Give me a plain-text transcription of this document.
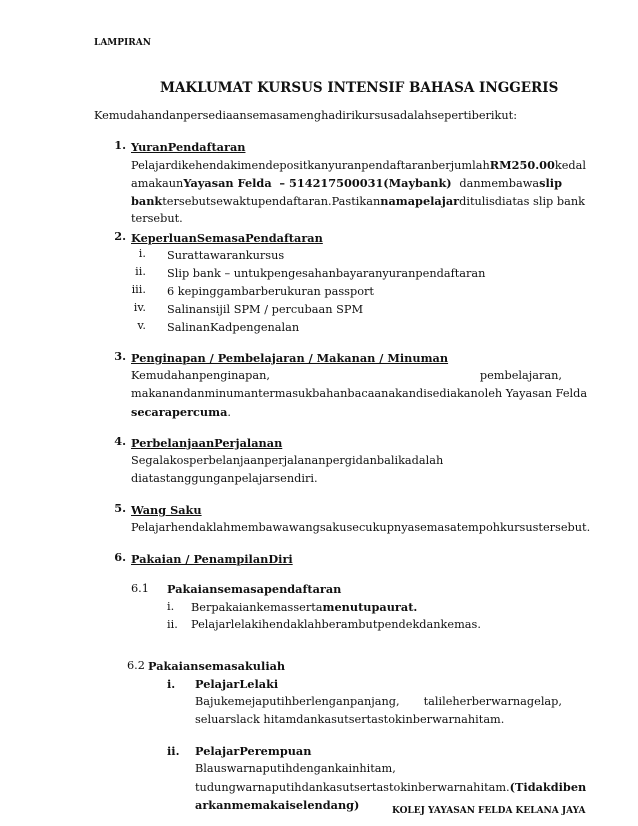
LAMPIRAN
MAKLUMAT KURSUS INTENSIF BAHASA INGGERIS
Kemudahandanpersediaansemasamenghadirikursusadalahsepertiberikut:
1. YuranPendaftaran
PelajardikehendakimendepositkanyuranpendaftaranberjumlahRM250.00kedal
amakaunYayasan Felda – 514217500031(Maybank) danmembawaslip
banktersebutsewaktupendaftaran. Pastikannamapelajarditulisdiatas slip bank
tersebut.
2. KeperluanSemasaPendaftaran
i. Surattawarankursus
ii. Slip bank – untukpengesahanbayaranyuranpendaftaran
iii. 6 kepinggambarberukuran passport
iv. Salinansijil SPM / percubaan SPM
v. SalinanKadpengenalan
3. Penginapan / Pembelajaran / Makanan / Minuman
Kemudahanpenginapan,	pembelajaran,
makanandanminumantermasukbahanbacaanakandisediakanoleh Yayasan Felda
secarapercuma.
4. PerbelanjaanPerjalanan
Segalakosperbelanjaanperjalananpergidanbalikadalah
diatastanggunganpelajarsendiri.
5. Wang Saku
Pelajarhendaklahmembawawangsakusecukupnyasemasatempohkursustersebut.
6. Pakaian / PenampilanDiri
6.1 Pakaiansemasapendaftaran
i. Berpakaiankemassertamenutupaurat.
ii. Pelajarlelakihendaklahberambutpendekdankemas.
6.2 Pakaiansemasakuliah
i. PelajarLelaki
Bajukemejaputihberlenganpanjang, talileherberwarnagelap,
seluarslack hitamdankasutsertastokinberwarnahitam.
ii. PelajarPerempuan
Blauswarnaputihdengankainhitam,
tudungwarnaputihdankasutsertastokinberwarnahitam.(Tidakdiben
arkanmemakaiselendang)	KOLEJ YAYASAN FELDA KELANA JAYA
